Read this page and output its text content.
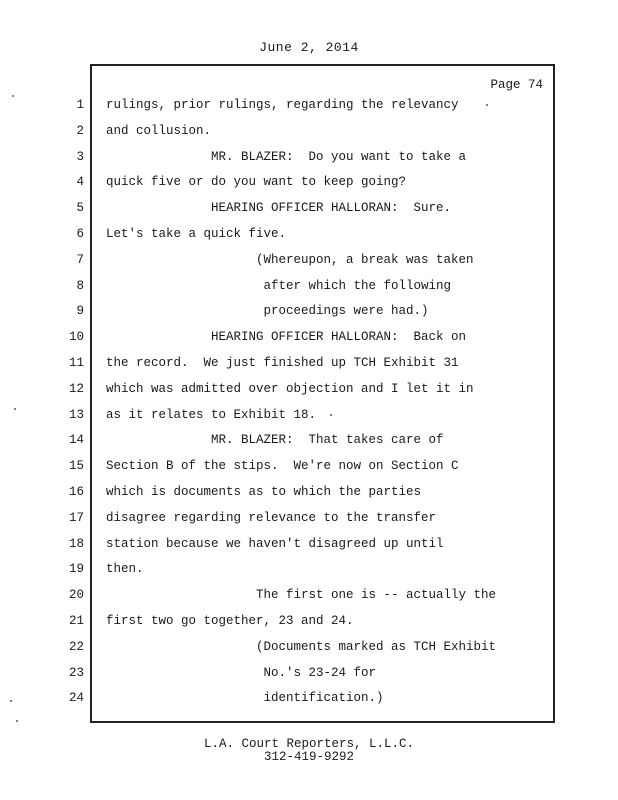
June 2, 2014
Page 74
1 rulings, prior rulings, regarding the relevancy
2 and collusion.
3 MR. BLAZER:  Do you want to take a
4 quick five or do you want to keep going?
5 HEARING OFFICER HALLORAN:  Sure.
6 Let's take a quick five.
7 (Whereupon, a break was taken
8 after which the following
9 proceedings were had.)
10 HEARING OFFICER HALLORAN:  Back on
11 the record.  We just finished up TCH Exhibit 31
12 which was admitted over objection and I let it in
13 as it relates to Exhibit 18.
14 MR. BLAZER:  That takes care of
15 Section B of the stips.  We're now on Section C
16 which is documents as to which the parties
17 disagree regarding relevance to the transfer
18 station because we haven't disagreed up until
19 then.
20 The first one is -- actually the
21 first two go together, 23 and 24.
22 (Documents marked as TCH Exhibit
23 No.'s 23-24 for
24 identification.)
L.A. Court Reporters, L.L.C.
312-419-9292
